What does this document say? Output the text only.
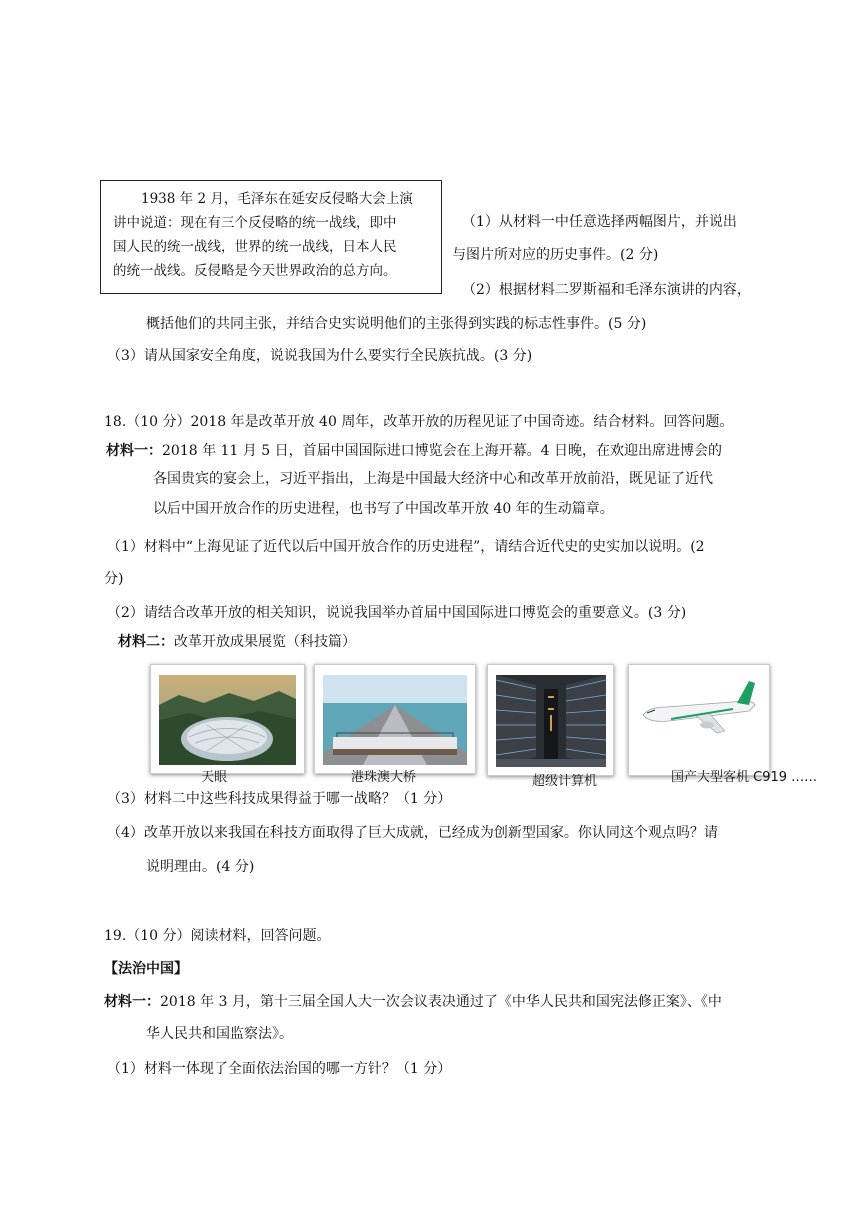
1938 年 2 月，毛泽东在延安反侵略大会上演
讲中说道：现在有三个反侵略的统一战线，即中
国人民的统一战线，世界的统一战线，日本人民
的统一战线。反侵略是今天世界政治的总方向。
（1）从材料一中任意选择两幅图片，并说出
与图片所对应的历史事件。(2 分)
（2）根据材料二罗斯福和毛泽东演讲的内容，
概括他们的共同主张，并结合史实说明他们的主张得到实践的标志性事件。(5 分)
（3）请从国家安全角度，说说我国为什么要实行全民族抗战。(3 分)
18.（10 分）2018 年是改革开放 40 周年，改革开放的历程见证了中国奇迹。结合材料。回答问题。
材料一：2018 年 11 月 5 日，首届中国国际进口博览会在上海开幕。4 日晚，在欢迎出席进博会的
各国贵宾的宴会上，习近平指出，上海是中国最大经济中心和改革开放前沿，既见证了近代
以后中国开放合作的历史进程，也书写了中国改革开放 40 年的生动篇章。
（1）材料中“上海见证了近代以后中国开放合作的历史进程”，请结合近代史的史实加以说明。(2
分)
（2）请结合改革开放的相关知识，说说我国举办首届中国国际进口博览会的重要意义。(3 分)
材料二：改革开放成果展览（科技篇）
天眼	港珠澳大桥	超级计算机	国产大型客机 C919 ……
（3）材料二中这些科技成果得益于哪一战略？（1 分）
（4）改革开放以来我国在科技方面取得了巨大成就，已经成为创新型国家。你认同这个观点吗？请
说明理由。(4 分)
19.（10 分）阅读材料，回答问题。
【法治中国】
材料一：2018 年 3 月，第十三届全国人大一次会议表决通过了《中华人民共和国宪法修正案》、《中
华人民共和国监察法》。
（1）材料一体现了全面依法治国的哪一方针？（1 分）
